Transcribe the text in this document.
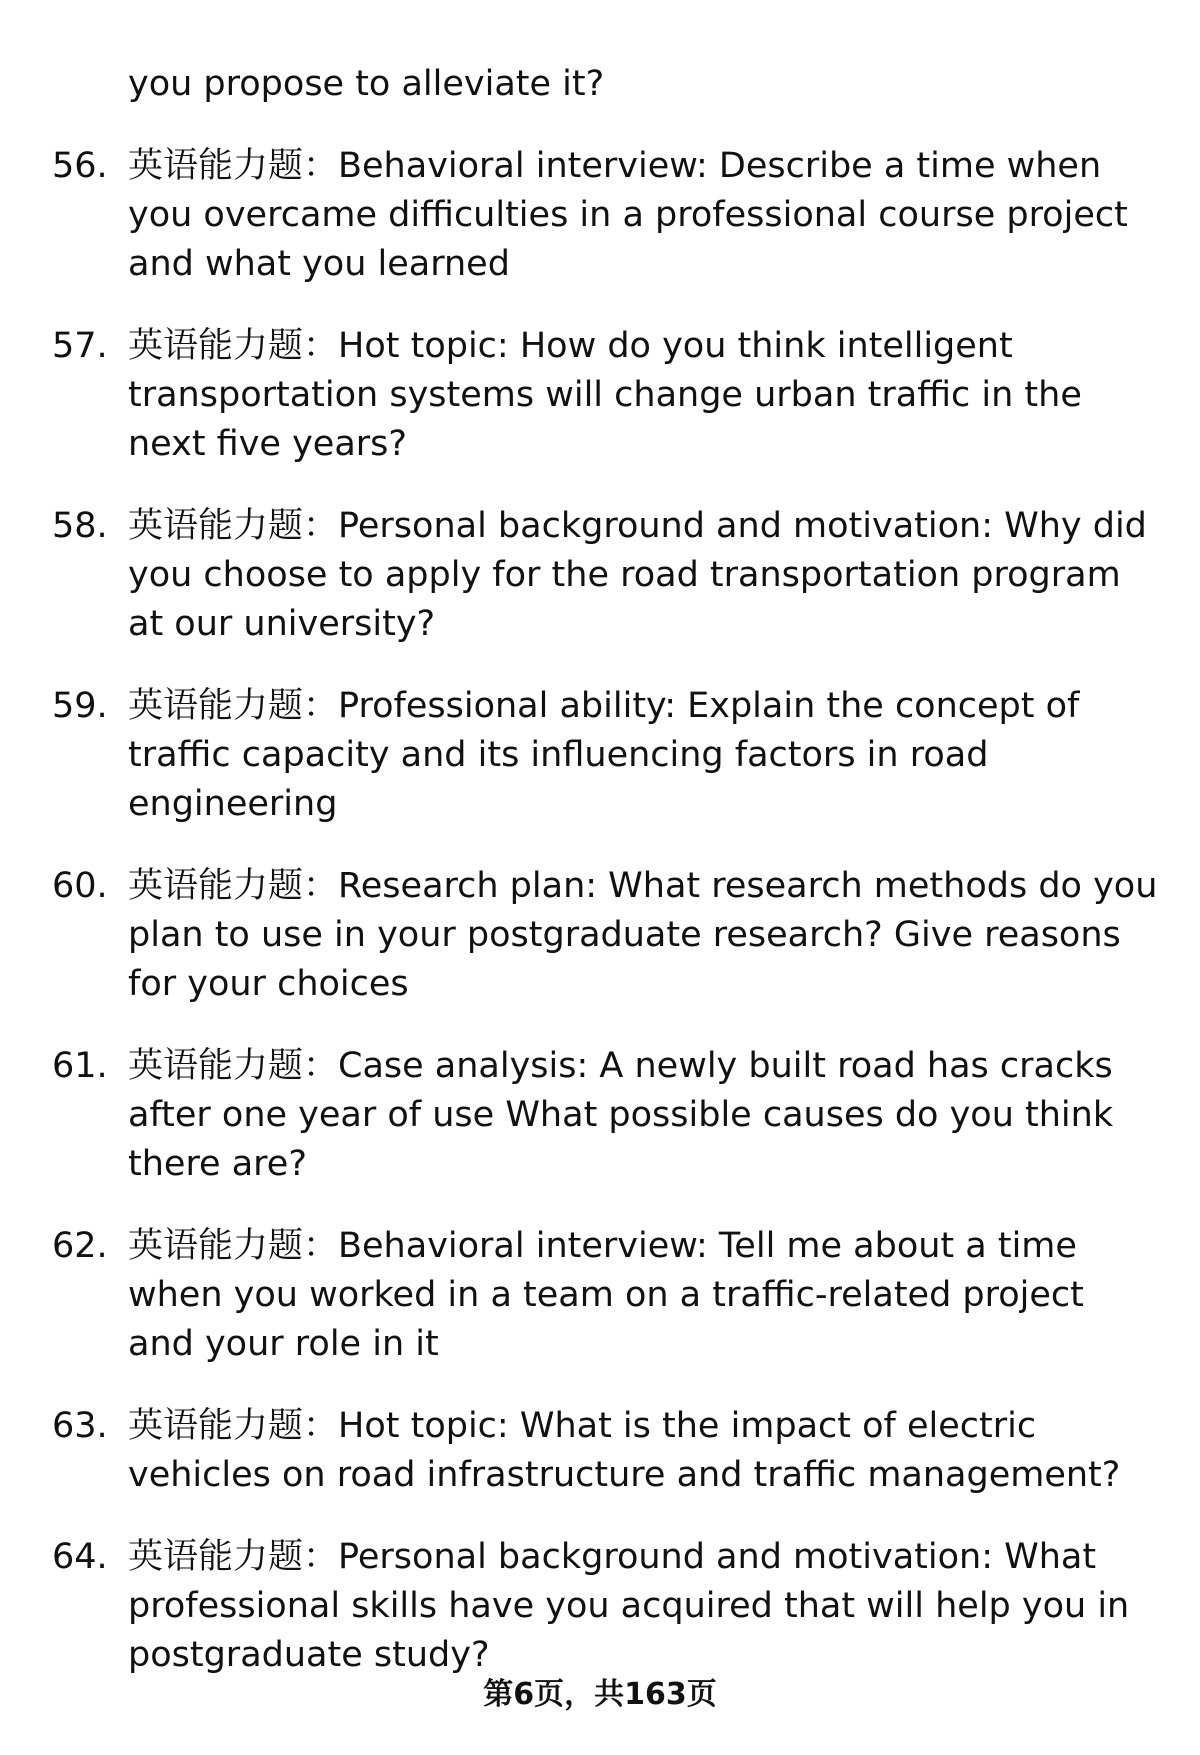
you propose to alleviate it?
56. 英语能力题：Behavioral interview: Describe a time when you overcame difficulties in a professional course project and what you learned
57. 英语能力题：Hot topic: How do you think intelligent transportation systems will change urban traffic in the next five years?
58. 英语能力题：Personal background and motivation: Why did you choose to apply for the road transportation program at our university?
59. 英语能力题：Professional ability: Explain the concept of traffic capacity and its influencing factors in road engineering
60. 英语能力题：Research plan: What research methods do you plan to use in your postgraduate research? Give reasons for your choices
61. 英语能力题：Case analysis: A newly built road has cracks after one year of use What possible causes do you think there are?
62. 英语能力题：Behavioral interview: Tell me about a time when you worked in a team on a traffic-related project and your role in it
63. 英语能力题：Hot topic: What is the impact of electric vehicles on road infrastructure and traffic management?
64. 英语能力题：Personal background and motivation: What professional skills have you acquired that will help you in postgraduate study?
第6页，共163页
